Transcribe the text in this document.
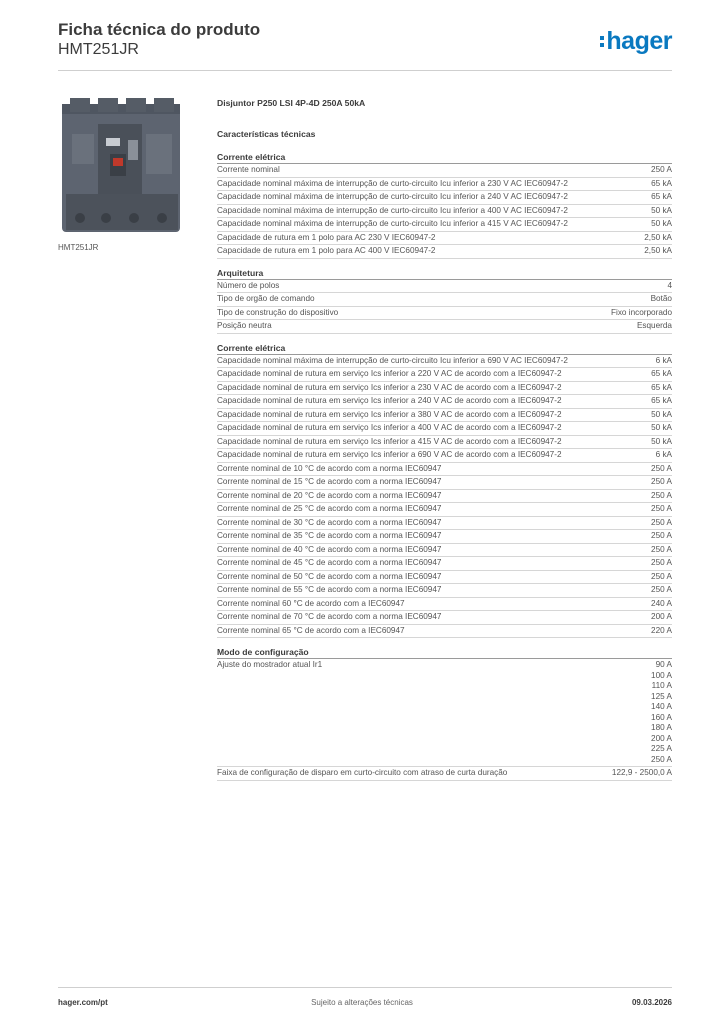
Ficha técnica do produto
HMT251JR	hager
HMT251JR
Disjuntor P250 LSI 4P-4D 250A 50kA
Características técnicas
Corrente elétrica
Corrente nominal	250 A
Capacidade nominal máxima de interrupção de curto-circuito Icu inferior a 230 V AC IEC60947-2	65 kA
Capacidade nominal máxima de interrupção de curto-circuito Icu inferior a 240 V AC IEC60947-2	65 kA
Capacidade nominal máxima de interrupção de curto-circuito Icu inferior a 400 V AC IEC60947-2	50 kA
Capacidade nominal máxima de interrupção de curto-circuito Icu inferior a 415 V AC IEC60947-2	50 kA
Capacidade de rutura em 1 polo para AC 230 V IEC60947-2	2,50 kA
Capacidade de rutura em 1 polo para AC 400 V IEC60947-2	2,50 kA
Arquitetura
Número de polos	4
Tipo de orgão de comando	Botão
Tipo de construção do dispositivo	Fixo incorporado
Posição neutra	Esquerda
Corrente elétrica
Capacidade nominal máxima de interrupção de curto-circuito Icu inferior a 690 V AC IEC60947-2	6 kA
Capacidade nominal de rutura em serviço Ics inferior a 220 V AC de acordo com a IEC60947-2	65 kA
Capacidade nominal de rutura em serviço Ics inferior a 230 V AC de acordo com a IEC60947-2	65 kA
Capacidade nominal de rutura em serviço Ics inferior a 240 V AC de acordo com a IEC60947-2	65 kA
Capacidade nominal de rutura em serviço Ics inferior a 380 V AC de acordo com a IEC60947-2	50 kA
Capacidade nominal de rutura em serviço Ics inferior a 400 V AC de acordo com a IEC60947-2	50 kA
Capacidade nominal de rutura em serviço Ics inferior a 415 V AC de acordo com a IEC60947-2	50 kA
Capacidade nominal de rutura em serviço Ics inferior a 690 V AC de acordo com a IEC60947-2	6 kA
Corrente nominal de 10 °C de acordo com a norma IEC60947	250 A
Corrente nominal de 15 °C de acordo com a norma IEC60947	250 A
Corrente nominal de 20 °C de acordo com a norma IEC60947	250 A
Corrente nominal de 25 °C de acordo com a norma IEC60947	250 A
Corrente nominal de 30 °C de acordo com a norma IEC60947	250 A
Corrente nominal de 35 °C de acordo com a norma IEC60947	250 A
Corrente nominal de 40 °C de acordo com a norma IEC60947	250 A
Corrente nominal de 45 °C de acordo com a norma IEC60947	250 A
Corrente nominal de 50 °C de acordo com a norma IEC60947	250 A
Corrente nominal de 55 °C de acordo com a norma IEC60947	250 A
Corrente nominal 60 °C de acordo com a IEC60947	240 A
Corrente nominal de 70 °C de acordo com a norma IEC60947	200 A
Corrente nominal 65 °C de acordo com a IEC60947	220 A
Modo de configuração
Ajuste do mostrador atual Ir1	90 A
100 A
110 A
125 A
140 A
160 A
180 A
200 A
225 A
250 A
Faixa de configuração de disparo em curto-circuito com atraso de curta duração	122,9 - 2500,0 A
hager.com/pt	Sujeito a alterações técnicas	09.03.2026
